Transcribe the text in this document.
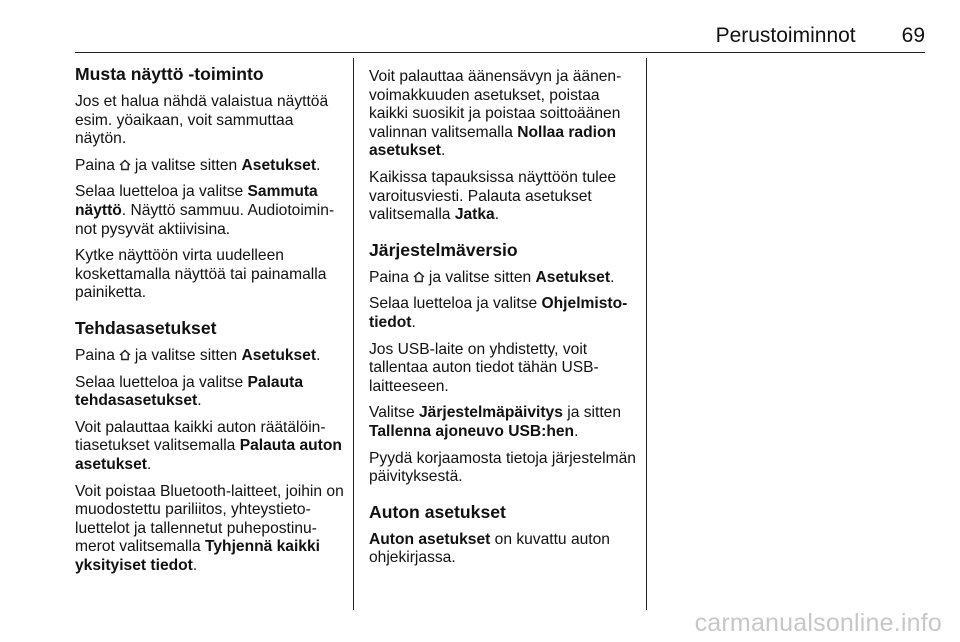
Perustoiminnot 69
Musta näyttö -toiminto

Jos et halua nähdä valaistua näyttöä esim. yöaikaan, voit sammuttaa näytön.

Paina ja valitse sitten Asetukset.

Selaa luetteloa ja valitse Sammuta näyttö. Näyttö sammuu. Audiotoiminnot pysyvät aktiivisina.

Kytke näyttöön virta uudelleen koskettamalla näyttöä tai painamalla painiketta.

Tehdasasetukset

Paina ja valitse sitten Asetukset.

Selaa luetteloa ja valitse Palauta tehdasasetukset.

Voit palauttaa kaikki auton räätälöintiasetukset valitsemalla Palauta auton asetukset.

Voit poistaa Bluetooth-laitteet, joihin on muodostettu pariliitos, yhteystietoluettelot ja tallennetut puhepostinumerot valitsemalla Tyhjennä kaikki yksityiset tiedot.

Voit palauttaa äänensävyn ja äänenvoimakkuuden asetukset, poistaa kaikki suosikit ja poistaa soittoäänen valinnan valitsemalla Nollaa radion asetukset.

Kaikissa tapauksissa näyttöön tulee varoitusviesti. Palauta asetukset valitsemalla Jatka.

Järjestelmäversio

Paina ja valitse sitten Asetukset.

Selaa luetteloa ja valitse Ohjelmistotiedot.

Jos USB-laite on yhdistetty, voit tallentaa auton tiedot tähän USB-laitteeseen.

Valitse Järjestelmäpäivitys ja sitten Tallenna ajoneuvo USB:hen.

Pyydä korjaamosta tietoja järjestelmän päivityksestä.

Auton asetukset

Auton asetukset on kuvattu auton ohjekirjassa.

carmanualsonline.info
